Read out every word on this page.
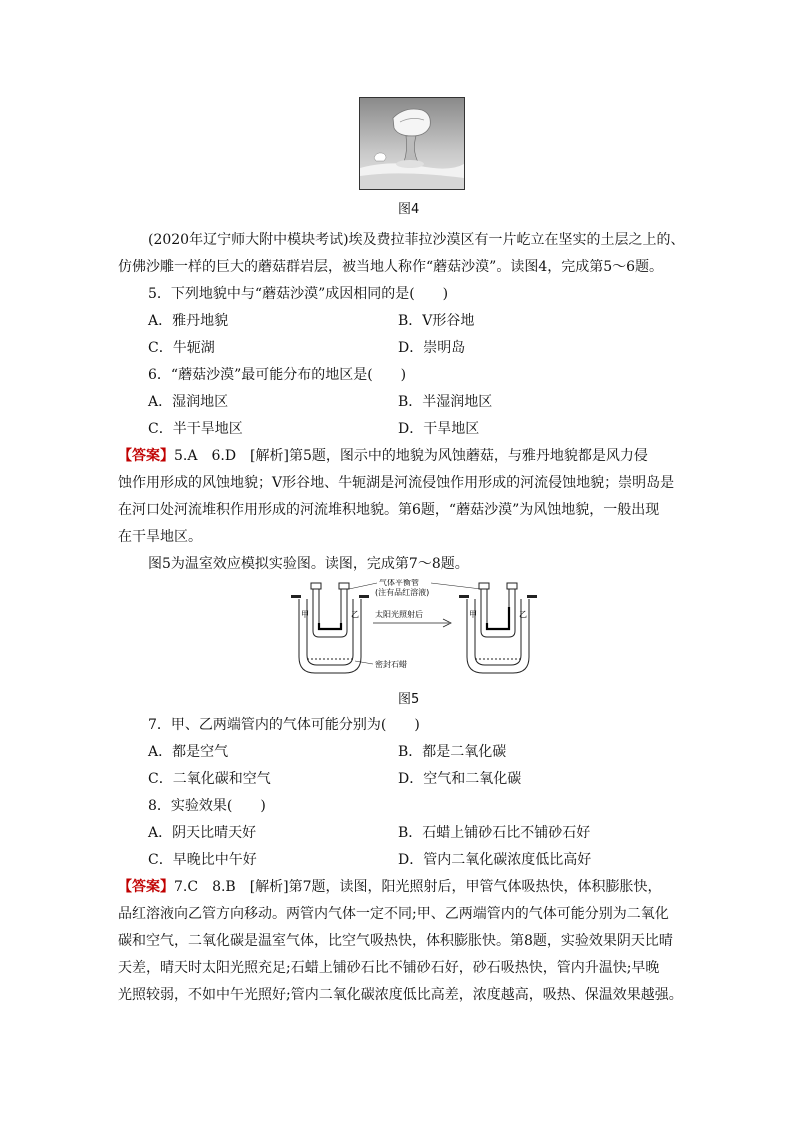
图4
(2020年辽宁师大附中模块考试)埃及费拉菲拉沙漠区有一片屹立在坚实的土层之上的、
仿佛沙雕一样的巨大的蘑菇群岩层，被当地人称作“蘑菇沙漠”。读图4，完成第5～6题。
5．下列地貌中与“蘑菇沙漠”成因相同的是(　　)
A．雅丹地貌	B．V形谷地
C．牛轭湖	D．崇明岛
6．“蘑菇沙漠”最可能分布的地区是(　　)
A．湿润地区	B．半湿润地区
C．半干旱地区	D．干旱地区
【答案】5.A　6.D　[解析]第5题，图示中的地貌为风蚀蘑菇，与雅丹地貌都是风力侵
蚀作用形成的风蚀地貌；V形谷地、牛轭湖是河流侵蚀作用形成的河流侵蚀地貌；崇明岛是
在河口处河流堆积作用形成的河流堆积地貌。第6题，“蘑菇沙漠”为风蚀地貌，一般出现
在干旱地区。
图5为温室效应模拟实验图。读图，完成第7～8题。
甲	乙	甲	乙
气体平衡管
(注有品红溶液)
太阳光照射后
密封石蜡
图5
7．甲、乙两端管内的气体可能分别为(　　)
A．都是空气	B．都是二氧化碳
C．二氧化碳和空气	D．空气和二氧化碳
8．实验效果(　　)
A．阴天比晴天好	B．石蜡上铺砂石比不铺砂石好
C．早晚比中午好	D．管内二氧化碳浓度低比高好
【答案】7.C　8.B　[解析]第7题，读图，阳光照射后，甲管气体吸热快，体积膨胀快，
品红溶液向乙管方向移动。两管内气体一定不同;甲、乙两端管内的气体可能分别为二氧化
碳和空气，二氧化碳是温室气体，比空气吸热快，体积膨胀快。第8题，实验效果阴天比晴
天差，晴天时太阳光照充足;石蜡上铺砂石比不铺砂石好，砂石吸热快，管内升温快;早晚
光照较弱，不如中午光照好;管内二氧化碳浓度低比高差，浓度越高，吸热、保温效果越强。
